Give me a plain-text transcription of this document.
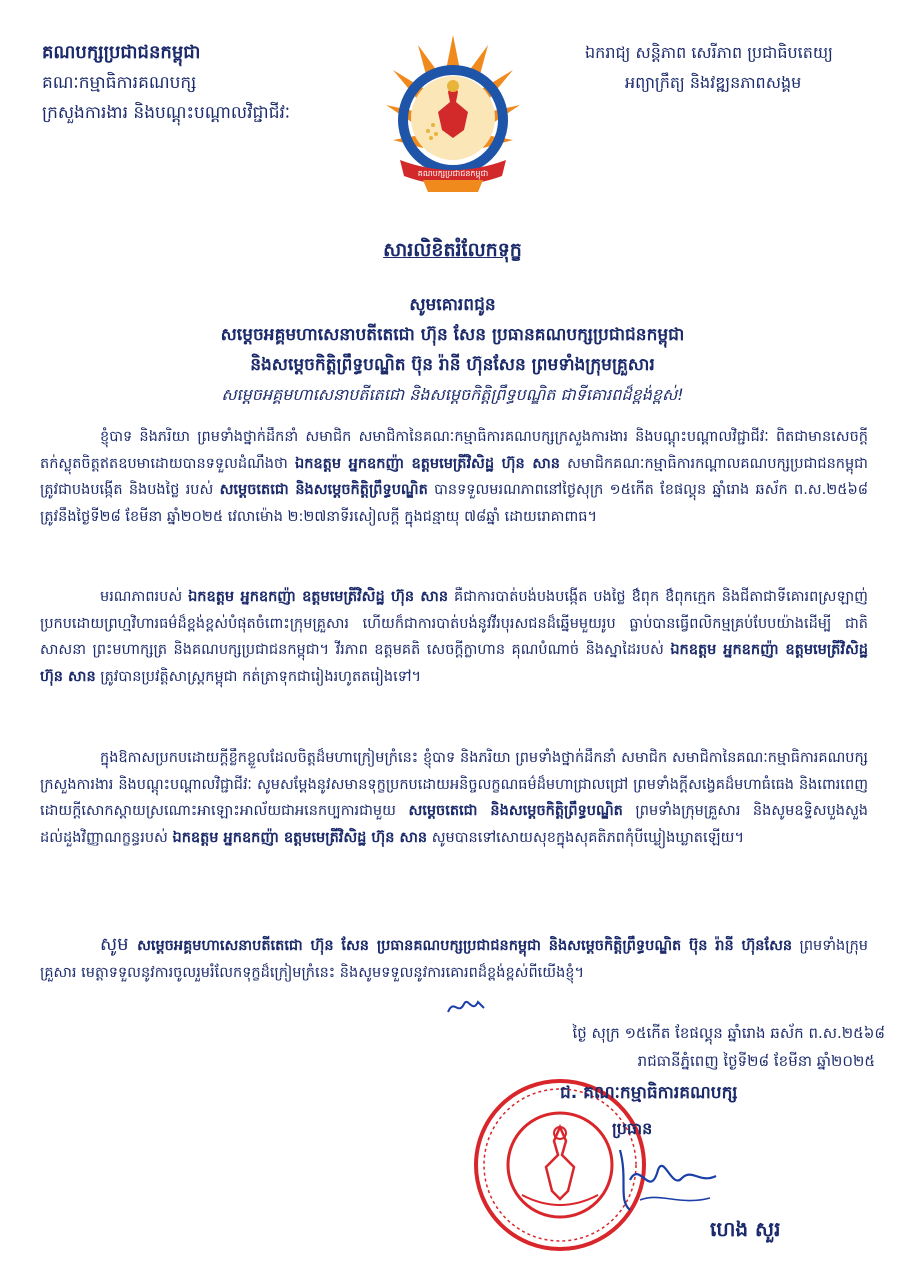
គណបក្សប្រជាជនកម្ពុជា
គណៈកម្មាធិការគណបក្ស
ក្រសួងការងារ និងបណ្តុះបណ្តាលវិជ្ជាជីវៈ
គណបក្សប្រជាជនកម្ពុជា
ឯករាជ្យ សន្តិភាព សេរីភាព ប្រជាធិបតេយ្យ
អព្យាក្រឹត្យ និងវឌ្ឍនភាពសង្គម
សារលិខិតរំលែកទុក្ខ
សូមគោរពជូន
សម្ដេចអគ្គមហាសេនាបតីតេជោ ហ៊ុន សែន ប្រធានគណបក្សប្រជាជនកម្ពុជា
និងសម្ដេចកិត្តិព្រឹទ្ធបណ្ឌិត ប៊ុន រ៉ានី ហ៊ុនសែន ព្រមទាំងក្រុមគ្រួសារ
សម្ដេចអគ្គមហាសេនាបតីតេជោ និងសម្ដេចកិត្តិព្រឹទ្ធបណ្ឌិត ជាទីគោរពដ៏ខ្ពង់ខ្ពស់!
ខ្ញុំបាទ និងភរិយា ព្រមទាំងថ្នាក់ដឹកនាំ សមាជិក សមាជិកានៃគណៈកម្មាធិការគណបក្សក្រសួងការងារ និងបណ្តុះបណ្តាលវិជ្ជាជីវៈ ពិតជាមានសេចក្តីតក់ស្លុតចិត្តឥតឧបមាដោយបានទទួលដំណឹងថា ឯកឧត្តម អ្នកឧកញ៉ា ឧត្តមមេត្រីវិសិដ្ឋ ហ៊ុន សាន សមាជិកគណៈកម្មាធិការកណ្តាលគណបក្សប្រជាជនកម្ពុជា ត្រូវជាបងបង្កើត និងបងថ្លៃ របស់ សម្ដេចតេជោ និងសម្ដេចកិត្តិព្រឹទ្ធបណ្ឌិត បានទទួលមរណភាពនៅថ្ងៃសុក្រ ១៥កើត ខែផល្គុន ឆ្នាំរោង ឆស័ក ព.ស.២៥៦៨ ត្រូវនឹងថ្ងៃទី២៨ ខែមីនា ឆ្នាំ២០២៥ វេលាម៉ោង ២:២៧នាទីរសៀលក្តី ក្នុងជន្មាយុ ៧៨ឆ្នាំ ដោយរោគាពាធ។
មរណភាពរបស់ ឯកឧត្តម អ្នកឧកញ៉ា ឧត្តមមេត្រីវិសិដ្ឋ ហ៊ុន សាន គឺជាការបាត់បង់បងបង្កើត បងថ្លៃ ឳពុក ឳពុកក្មេក និងជីតាជាទីគោរពស្រឡាញ់ ប្រកបដោយព្រហ្មវិហារធម៌ដ៏ខ្ពង់ខ្ពស់បំផុតចំពោះក្រុមគ្រួសារ ហើយក៏ជាការបាត់បង់នូវវីរបុរសជនដ៏ឆ្នើមមួយរូប ធ្លាប់បានធ្វើពលិកម្មគ្រប់បែបយ៉ាងដើម្បី ជាតិ សាសនា ព្រះមហាក្សត្រ និងគណបក្សប្រជាជនកម្ពុជា។ វីរភាព ឧត្តមគតិ សេចក្តីក្លាហាន គុណបំណាច់ និងស្នាដៃរបស់ ឯកឧត្តម អ្នកឧកញ៉ា ឧត្តមមេត្រីវិសិដ្ឋ ហ៊ុន សាន ត្រូវបានប្រវត្តិសាស្ត្រកម្ពុជា កត់ត្រាទុកជារៀងរហូតតរៀងទៅ។
ក្នុងឱកាសប្រកបដោយក្តីខ្លឹកខ្លួលដែលចិត្តដ៏មហាក្រៀមក្រំនេះ ខ្ញុំបាទ និងភរិយា ព្រមទាំងថ្នាក់ដឹកនាំ សមាជិក សមាជិកានៃគណៈកម្មាធិការគណបក្សក្រសួងការងារ និងបណ្តុះបណ្តាលវិជ្ជាជីវៈ សូមសម្តែងនូវសមានទុក្ខប្រកបដោយអនិច្ចលក្ខណធម៌ដ៏មហាជ្រាលជ្រៅ ព្រមទាំងក្តីសង្វេគដ៏មហាធំធេង និងពោរពេញដោយក្តីសោកស្តាយស្រណោះអាឡោះអាល័យជាអនេកប្បការជាមួយ សម្ដេចតេជោ និងសម្ដេចកិត្តិព្រឹទ្ធបណ្ឌិត ព្រមទាំងក្រុមគ្រួសារ និងសូមឧទ្ទិសបួងសួងដល់ដួងវិញ្ញាណក្ខន្ធរបស់ ឯកឧត្តម អ្នកឧកញ៉ា ឧត្តមមេត្រីវិសិដ្ឋ ហ៊ុន សាន សូមបានទៅសោយសុខក្នុងសុគតិភពកុំបីឃ្លៀងឃ្លាតឡើយ។
សូម សម្ដេចអគ្គមហាសេនាបតីតេជោ ហ៊ុន សែន ប្រធានគណបក្សប្រជាជនកម្ពុជា និងសម្ដេចកិត្តិព្រឹទ្ធបណ្ឌិត ប៊ុន រ៉ានី ហ៊ុនសែន ព្រមទាំងក្រុមគ្រួសារ មេត្តាទទួលនូវការចូលរួមរំលែកទុក្ខដ៏ក្រៀមក្រំនេះ និងសូមទទួលនូវការគោរពដ៏ខ្ពង់ខ្ពស់ពីយើងខ្ញុំ។
ថ្ងៃ សុក្រ ១៥កើត ខែផល្គុន ឆ្នាំរោង ឆស័ក ព.ស.២៥៦៨
រាជធានីភ្នំពេញ ថ្ងៃទី២៨ ខែមីនា ឆ្នាំ២០២៥
ជ. គណៈកម្មាធិការគណបក្ស
ប្រធាន
ហេង សួរ
